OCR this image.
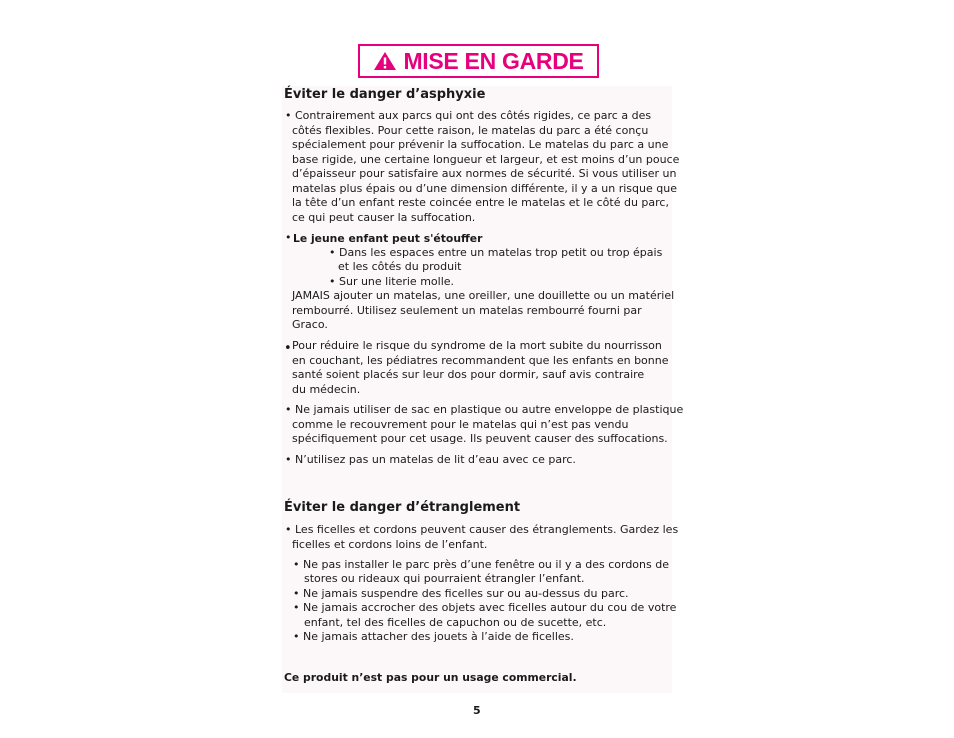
MISE EN GARDE
Éviter le danger d’asphyxie
• Contrairement aux parcs qui ont des côtés rigides, ce parc a des
côtés flexibles. Pour cette raison, le matelas du parc a été conçu
spécialement pour prévenir la suffocation. Le matelas du parc a une
base rigide, une certaine longueur et largeur, et est moins d’un pouce
d’épaisseur pour satisfaire aux normes de sécurité. Si vous utiliser un
matelas plus épais ou d’une dimension différente, il y a un risque que
la tête d’un enfant reste coincée entre le matelas et le côté du parc,
ce qui peut causer la suffocation.
• Le jeune enfant peut s'étouffer
• Dans les espaces entre un matelas trop petit ou trop épais
et les côtés du produit
• Sur une literie molle.
JAMAIS ajouter un matelas, une oreiller, une douillette ou un matériel
rembourré. Utilisez seulement un matelas rembourré fourni par
Graco.
• Pour réduire le risque du syndrome de la mort subite du nourrisson
en couchant, les pédiatres recommandent que les enfants en bonne
santé soient placés sur leur dos pour dormir, sauf avis contraire
du médecin.
• Ne jamais utiliser de sac en plastique ou autre enveloppe de plastique
comme le recouvrement pour le matelas qui n’est pas vendu
spécifiquement pour cet usage. Ils peuvent causer des suffocations.
• N’utilisez pas un matelas de lit d’eau avec ce parc.
Éviter le danger d’étranglement
• Les ficelles et cordons peuvent causer des étranglements. Gardez les
ficelles et cordons loins de l’enfant.
• Ne pas installer le parc près d’une fenêtre ou il y a des cordons de
stores ou rideaux qui pourraient étrangler l’enfant.
• Ne jamais suspendre des ficelles sur ou au-dessus du parc.
• Ne jamais accrocher des objets avec ficelles autour du cou de votre
enfant, tel des ficelles de capuchon ou de sucette, etc.
• Ne jamais attacher des jouets à l’aide de ficelles.
Ce produit n’est pas pour un usage commercial.
5
